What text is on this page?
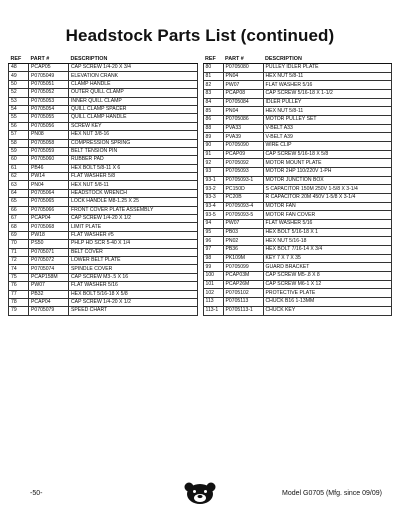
Headstock Parts List (continued)
REF	PART #	DESCRIPTION
48	PCAP05	CAP SCREW 1/4-20 X 3/4
49	P0705049	ELEVATION CRANK
50	P0705051	CLAMP HANDLE
52	P0705052	OUTER QUILL CLAMP
53	P0705053	INNER QUILL CLAMP
54	P0705054	QUILL CLAMP SPACER
55	P0705055	QUILL CLAMP HANDLE
56	P0705056	SCREW KEY
57	PN08	HEX NUT 3/8-16
58	P0705058	COMPRESSION SPRING
59	P0705059	BELT TENSION PIN
60	P0705060	RUBBER PAD
61	PB46	HEX BOLT 5/8-11 X 6
62	PW14	FLAT WASHER 5/8
63	PN04	HEX NUT 5/8-11
64	P0705064	HEADSTOCK WRENCH
65	P0705065	LOCK HANDLE M8-1.25 X 25
66	P0705066	FRONT COVER PLATE ASSEMBLY
67	PCAP04	CAP SCREW 1/4-20 X 1/2
68	P0705068	LIMIT PLATE
69	PW18	FLAT WASHER #5
70	PS50	PHLP HD SCR 5-40 X 1/4
71	P0705071	BELT COVER
72	P0705072	LOWER BELT PLATE
74	P0705074	SPINDLE COVER
75	PCAP158M	CAP SCREW M3-.5 X 16
76	PW07	FLAT WASHER 5/16
77	PB32	HEX BOLT 5/16-18 X 5/8
78	PCAP04	CAP SCREW 1/4-20 X 1/2
79	P0705079	SPEED CHART
REF	PART #	DESCRIPTION
80	P0705080	PULLEY IDLER PLATE
81	PN04	HEX NUT 5/8-11
82	PW07	FLAT WASHER 5/16
83	PCAP08	CAP SCREW 5/16-18 X 1-1/2
84	P0705084	IDLER PULLEY
85	PN04	HEX NUT 5/8-11
86	P0705086	MOTOR PULLEY SET
88	PVA33	V-BELT A33
89	PVA39	V-BELT A39
90	P0705090	WIRE CLIP
91	PCAP09	CAP SCREW 5/16-18 X 5/8
92	P0705092	MOTOR MOUNT PLATE
93	P0705093	MOTOR 2HP 110/220V 1-PH
93-1	P0705093-1	MOTOR JUNCTION BOX
93-2	PC150D	S CAPACITOR 150M 250V 1-5/8 X 3-1/4
93-3	PC20B	R CAPACITOR 20M 450V 1-5/8 X 3-1/4
93-4	P0705093-4	MOTOR FAN
93-5	P0705093-5	MOTOR FAN COVER
94	PW07	FLAT WASHER 5/16
95	PB03	HEX BOLT 5/16-18 X 1
96	PN02	HEX NUT 5/16-18
97	PB36	HEX BOLT 7/16-14 X 3/4
98	PK109M	KEY 7 X 7 X 35
99	P0705099	GUARD BRACKET
100	PCAP03M	CAP SCREW M5-.8 X 8
101	PCAP26M	CAP SCREW M6-1 X 12
102	P0705102	PROTECTIVE PLATE
113	P0705113	CHUCK B16 1-13MM
113-1	P0705113-1	CHUCK KEY
-50-	Model G0705 (Mfg. since 09/09)
